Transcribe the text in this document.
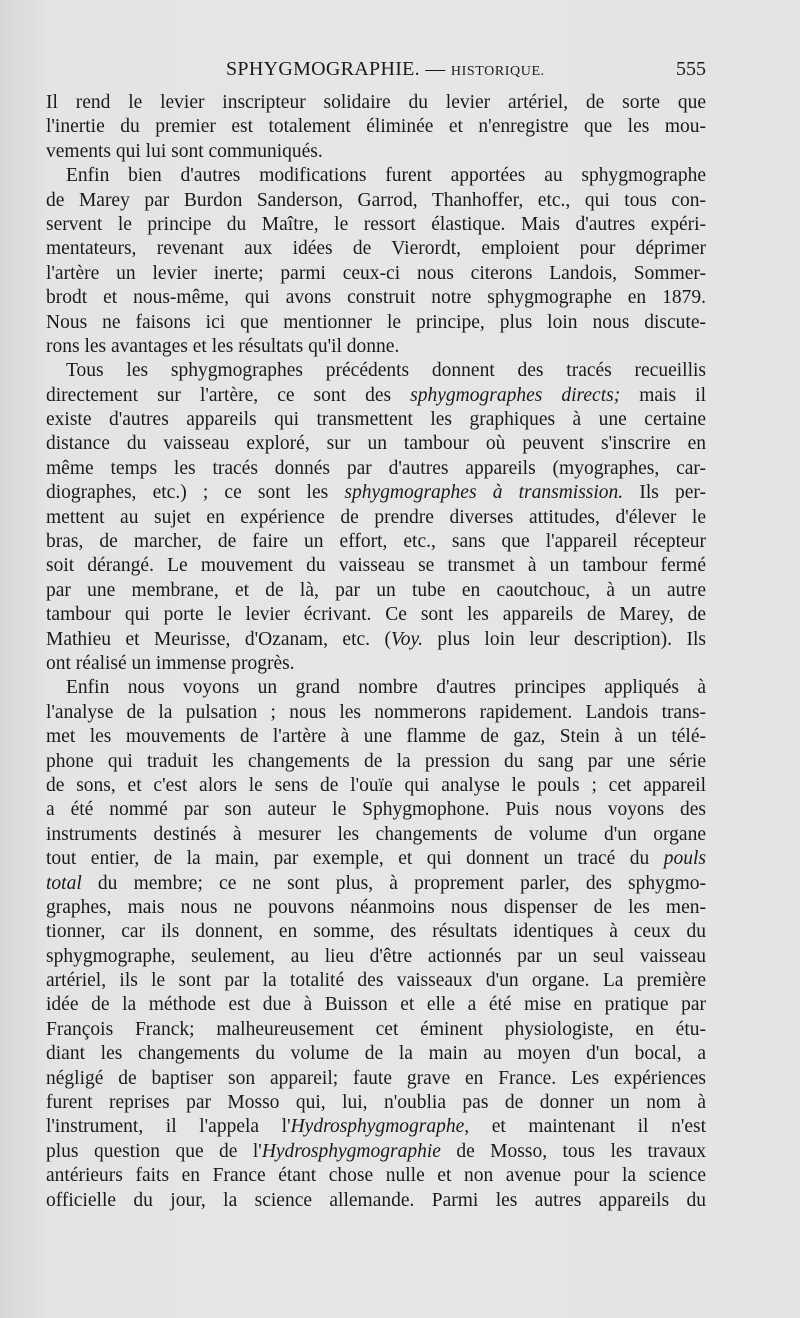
SPHYGMOGRAPHIE. — HISTORIQUE.	555
Il rend le levier inscripteur solidaire du levier artériel, de sorte que
l'inertie du premier est totalement éliminée et n'enregistre que les mou-
vements qui lui sont communiqués.
Enfin bien d'autres modifications furent apportées au sphygmographe
de Marey par Burdon Sanderson, Garrod, Thanhoffer, etc., qui tous con-
servent le principe du Maître, le ressort élastique. Mais d'autres expéri-
mentateurs, revenant aux idées de Vierordt, emploient pour déprimer
l'artère un levier inerte; parmi ceux-ci nous citerons Landois, Sommer-
brodt et nous-même, qui avons construit notre sphygmographe en 1879.
Nous ne faisons ici que mentionner le principe, plus loin nous discute-
rons les avantages et les résultats qu'il donne.
Tous les sphygmographes précédents donnent des tracés recueillis
directement sur l'artère, ce sont des sphygmographes directs; mais il
existe d'autres appareils qui transmettent les graphiques à une certaine
distance du vaisseau exploré, sur un tambour où peuvent s'inscrire en
même temps les tracés donnés par d'autres appareils (myographes, car-
diographes, etc.) ; ce sont les sphygmographes à transmission. Ils per-
mettent au sujet en expérience de prendre diverses attitudes, d'élever le
bras, de marcher, de faire un effort, etc., sans que l'appareil récepteur
soit dérangé. Le mouvement du vaisseau se transmet à un tambour fermé
par une membrane, et de là, par un tube en caoutchouc, à un autre
tambour qui porte le levier écrivant. Ce sont les appareils de Marey, de
Mathieu et Meurisse, d'Ozanam, etc. (Voy. plus loin leur description). Ils
ont réalisé un immense progrès.
Enfin nous voyons un grand nombre d'autres principes appliqués à
l'analyse de la pulsation ; nous les nommerons rapidement. Landois trans-
met les mouvements de l'artère à une flamme de gaz, Stein à un télé-
phone qui traduit les changements de la pression du sang par une série
de sons, et c'est alors le sens de l'ouïe qui analyse le pouls ; cet appareil
a été nommé par son auteur le Sphygmophone. Puis nous voyons des
instruments destinés à mesurer les changements de volume d'un organe
tout entier, de la main, par exemple, et qui donnent un tracé du pouls
total du membre; ce ne sont plus, à proprement parler, des sphygmo-
graphes, mais nous ne pouvons néanmoins nous dispenser de les men-
tionner, car ils donnent, en somme, des résultats identiques à ceux du
sphygmographe, seulement, au lieu d'être actionnés par un seul vaisseau
artériel, ils le sont par la totalité des vaisseaux d'un organe. La première
idée de la méthode est due à Buisson et elle a été mise en pratique par
François Franck; malheureusement cet éminent physiologiste, en étu-
diant les changements du volume de la main au moyen d'un bocal, a
négligé de baptiser son appareil; faute grave en France. Les expériences
furent reprises par Mosso qui, lui, n'oublia pas de donner un nom à
l'instrument, il l'appela l'Hydrosphygmographe, et maintenant il n'est
plus question que de l'Hydrosphygmographie de Mosso, tous les travaux
antérieurs faits en France étant chose nulle et non avenue pour la science
officielle du jour, la science allemande. Parmi les autres appareils du
